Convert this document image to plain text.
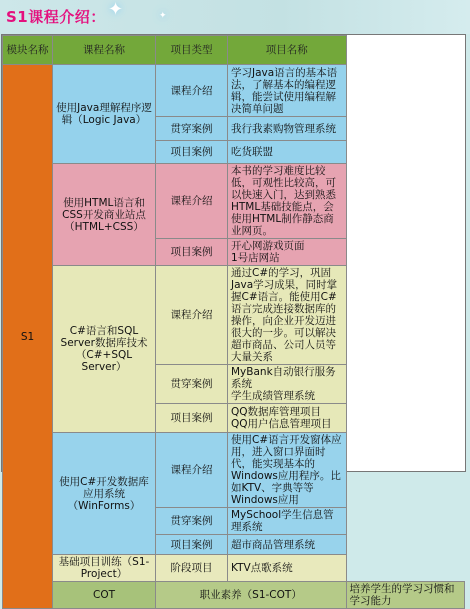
S1课程介绍： ✦	✦
模块名称	课程名称	项目类型	项目名称	
S1	使用Java理解程序逻辑（Logic Java）	课程介绍	学习Java语言的基本语法，了解基本的编程逻辑，能尝试使用编程解决简单问题	
		贯穿案例	我行我素购物管理系统	
		项目案例	吃货联盟	
	使用HTML语言和CSS开发商业站点（HTML+CSS）	课程介绍	本书的学习难度比较低，可观性比较高，可以快速入门，达到熟悉HTML基础技能点，会使用HTML制作静态商业网页。	
		项目案例	开心网游戏页面
1号店网站	
	C#语言和SQL Server数据库技术（C#+SQL Server）	课程介绍	通过C#的学习，巩固Java学习成果，同时掌握C#语言。能使用C#语言完成连接数据库的操作，向企业开发迈进很大的一步。可以解决超市商品、公司人员等大量关系	
		贯穿案例	MyBank自动银行服务系统
学生成绩管理系统	
		项目案例	QQ数据库管理项目
QQ用户信息管理项目	
	使用C#开发数据库应用系统（WinForms）	课程介绍	使用C#语言开发窗体应用，进入窗口界面时代，能实现基本的Windows应用程序。比如KTV、字典等等Windows应用	
		贯穿案例	MySchool学生信息管理系统	
		项目案例	超市商品管理系统	
	基础项目训练（S1-Project）	阶段项目	KTV点歌系统	
	COT	职业素养（S1-COT）		培养学生的学习习惯和学习能力
